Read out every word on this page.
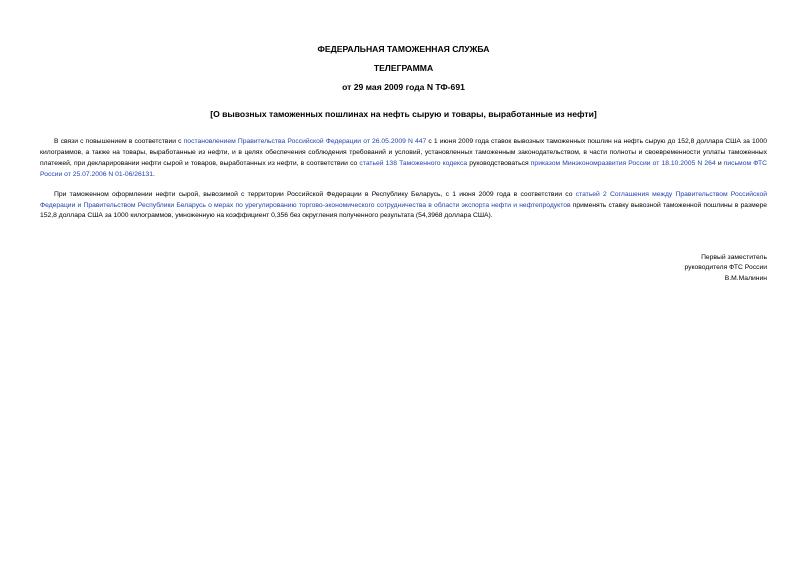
ФЕДЕРАЛЬНАЯ ТАМОЖЕННАЯ СЛУЖБА
ТЕЛЕГРАММА
от 29 мая 2009 года N ТФ-691
[О вывозных таможенных пошлинах на нефть сырую и товары, выработанные из нефти]

В связи с повышением в соответствии с постановлением Правительства Российской Федерации от 26.05.2009 N 447 с 1 июня 2009 года ставок вывозных таможенных пошлин на нефть сырую до 152,8 доллара США за 1000 килограммов, а также на товары, выработанные из нефти, и в целях обеспечения соблюдения требований и условий, установленных таможенным законодательством, в части полноты и своевременности уплаты таможенных платежей, при декларировании нефти сырой и товаров, выработанных из нефти, в соответствии со статьей 138 Таможенного кодекса руководствоваться приказом Минэкономразвития России от 18.10.2005 N 264 и письмом ФТС России от 25.07.2006 N 01-06/26131.

При таможенном оформлении нефти сырой, вывозимой с территории Российской Федерации в Республику Беларусь, с 1 июня 2009 года в соответствии со статьей 2 Соглашения между Правительством Российской Федерации и Правительством Республики Беларусь о мерах по урегулированию торгово-экономического сотрудничества в области экспорта нефти и нефтепродуктов применять ставку вывозной таможенной пошлины в размере 152,8 доллара США за 1000 килограммов, умноженную на коэффициент 0,356 без округления полученного результата (54,3968 доллара США).

Первый заместитель
руководителя ФТС России
В.М.Малинин
